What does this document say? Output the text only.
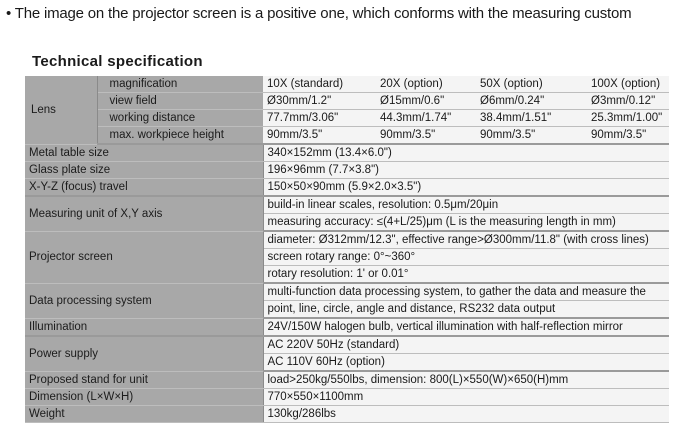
• The image on the projector screen is a positive one, which conforms with the measuring custom
Technical specification
Lens	magnification	10X (standard)	20X (option)	50X (option)	100X (option)
	view field	Ø30mm/1.2"	Ø15mm/0.6"	Ø6mm/0.24"	Ø3mm/0.12"
	working distance	77.7mm/3.06"	44.3mm/1.74"	38.4mm/1.51"	25.3mm/1.00"
	max. workpiece height	90mm/3.5"	90mm/3.5"	90mm/3.5"	90mm/3.5"
Metal table size		340×152mm (13.4×6.0")			
Glass plate size		196×96mm (7.7×3.8")			
X-Y-Z (focus) travel		150×50×90mm (5.9×2.0×3.5")			
Measuring unit of X,Y axis		build-in linear scales, resolution: 0.5μm/20μin			
		measuring accuracy: ≤(4+L/25)μm (L is the measuring length in mm)			
Projector screen		diameter: Ø312mm/12.3", effective range>Ø300mm/11.8" (with cross lines)			
		screen rotary range: 0°~360°			
		rotary resolution: 1' or 0.01°			
Data processing system		multi-function data processing system, to gather the data and measure the			
		point, line, circle, angle and distance, RS232 data output			
Illumination		24V/150W halogen bulb, vertical illumination with half-reflection mirror			
Power supply		AC 220V 50Hz (standard)			
		AC 110V 60Hz (option)			
Proposed stand for unit		load>250kg/550lbs, dimension: 800(L)×550(W)×650(H)mm			
Dimension (L×W×H)		770×550×1100mm			
Weight		130kg/286lbs			
